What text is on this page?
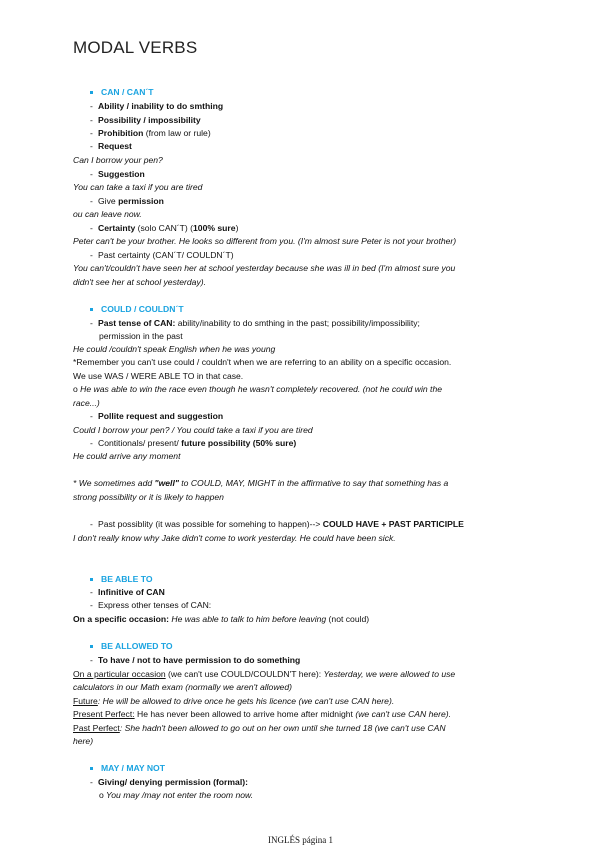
MODAL VERBS
CAN / CAN´T
- Ability / inability to do smthing
- Possibility / impossibility
- Prohibition (from law or rule)
- Request
Can I borrow your pen?
- Suggestion
You can take a taxi if you are tired
- Give permission
ou can leave now.
- Certainty (solo CAN´T) (100% sure)
Peter can't be your brother. He looks so different from you. (I'm almost sure Peter is not your brother)
- Past certainty (CAN´T/ COULDN´T)
You can't/couldn't have seen her at school yesterday because she was ill in bed (I'm almost sure you
didn't see her at school yesterday).
COULD / COULDN´T
- Past tense of CAN: ability/inability to do smthing in the past; possibility/impossibility;
permission in the past
He could /couldn't speak English when he was young
*Remember you can't use could / couldn't when we are referring to an ability on a specific occasion.
We use WAS / WERE ABLE TO in that case.
o He was able to win the race even though he wasn't completely recovered. (not he could win the
race...)
- Pollite request and suggestion
Could I borrow your pen? / You could take a taxi if you are tired
- Contitionals/ present/ future possibility (50% sure)
He could arrive any moment
* We sometimes add "well" to COULD, MAY, MIGHT in the affirmative to say that something has a
strong possibility or it is likely to happen
- Past possiblity (it was possible for somehing to happen)--> COULD HAVE + PAST PARTICIPLE
I don't really know why Jake didn't come to work yesterday. He could have been sick.
BE ABLE TO
- Infinitive of CAN
- Express other tenses of CAN:
On a specific occasion: He was able to talk to him before leaving (not could)
BE ALLOWED TO
- To have / not to have permission to do something
On a particular occasion (we can't use COULD/COULDN'T here): Yesterday, we were allowed to use
calculators in our Math exam (normally we aren't allowed)
Future: He will be allowed to drive once he gets his licence (we can't use CAN here).
Present Perfect: He has never been allowed to arrive home after midnight (we can't use CAN here).
Past Perfect: She hadn't been allowed to go out on her own until she turned 18 (we can't use CAN
here)
MAY / MAY NOT
- Giving/ denying permission (formal):
o You may /may not enter the room now.
INGLÉS página 1
